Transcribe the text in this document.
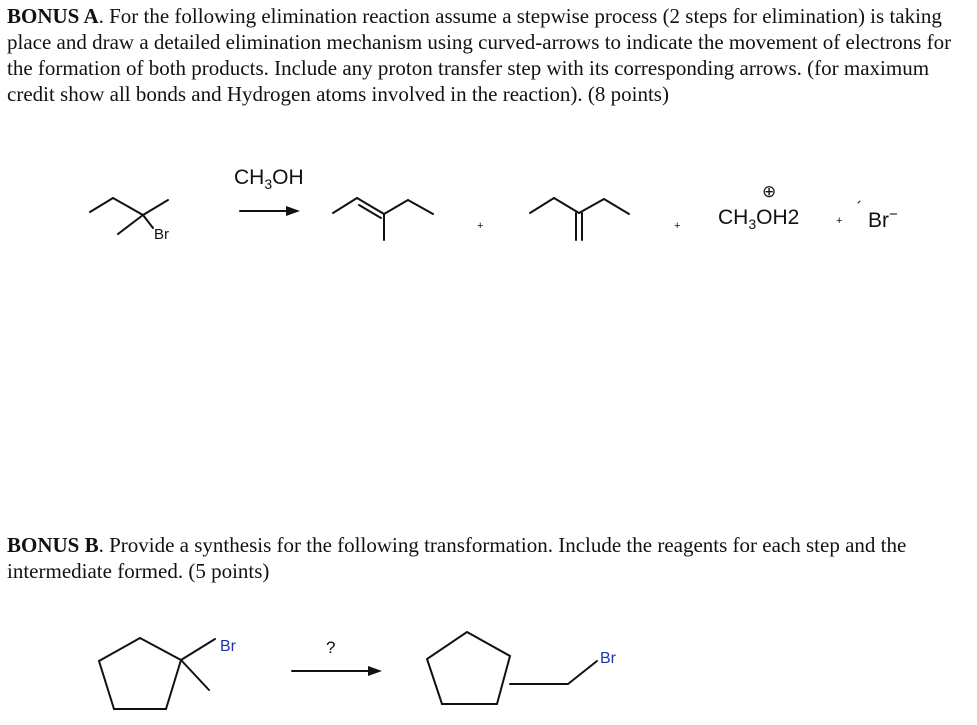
BONUS A. For the following elimination reaction assume a stepwise process (2 steps for elimination) is taking place and draw a detailed elimination mechanism using curved-arrows to indicate the movement of electrons for the formation of both products. Include any proton transfer step with its corresponding arrows. (for maximum credit show all bonds and Hydrogen atoms involved in the reaction). (8 points)
BONUS B. Provide a synthesis for the following transformation. Include the reagents for each step and the intermediate formed. (5 points)
$CH_3OH$
Br	+	+	+
⊕
$CH_3OH2$	Br−
Br	?
Br
